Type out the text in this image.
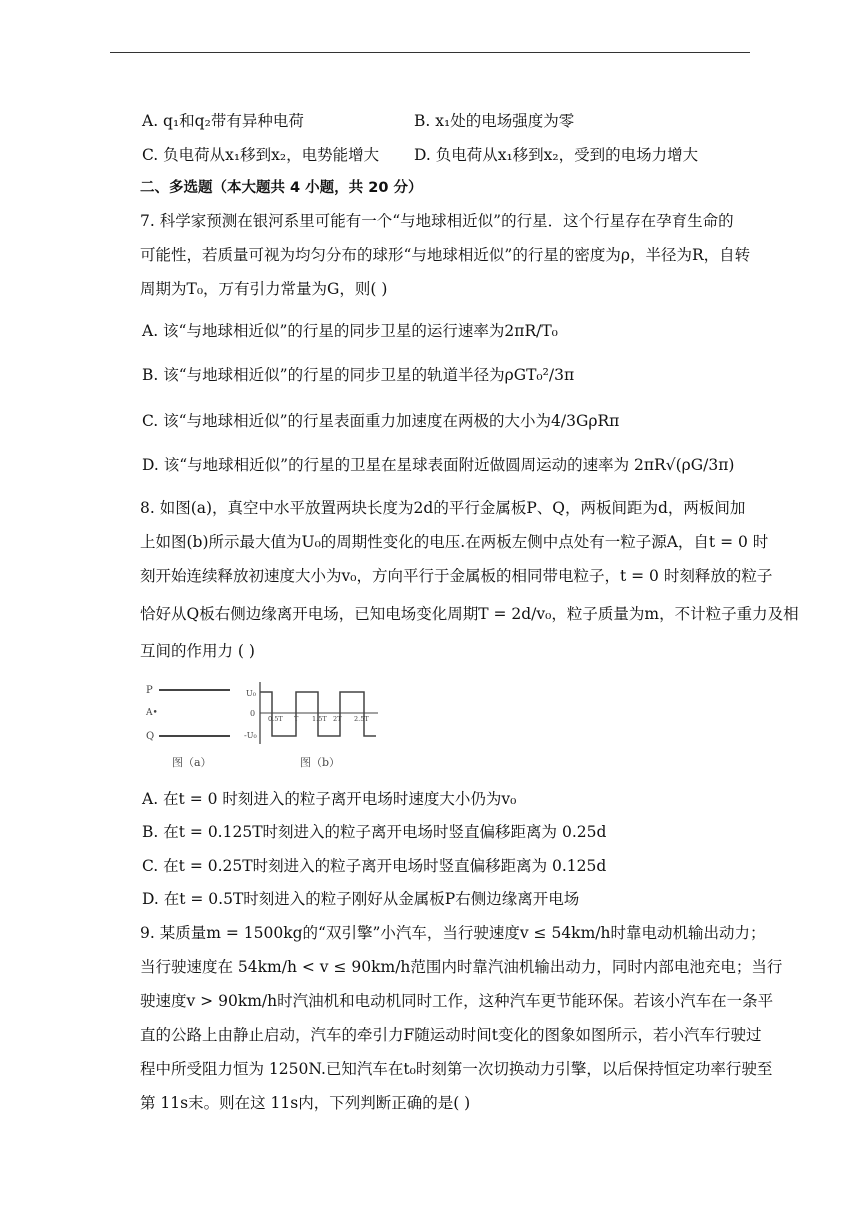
A. q₁和q₂带有异种电荷	B. x₁处的电场强度为零
C. 负电荷从x₁移到x₂，电势能增大 D. 负电荷从x₁移到x₂，受到的电场力增大
二、多选题（本大题共 4 小题，共 20 分）
7. 科学家预测在银河系里可能有一个“与地球相近似”的行星．这个行星存在孕育生命的
可能性，若质量可视为均匀分布的球形“与地球相近似”的行星的密度为ρ，半径为R，自转
周期为T₀，万有引力常量为G，则( )
A. 该“与地球相近似”的行星的同步卫星的运行速率为2πR/T₀
B. 该“与地球相近似”的行星的同步卫星的轨道半径为ρGT₀²/3π
C. 该“与地球相近似”的行星表面重力加速度在两极的大小为4/3GρRπ
D. 该“与地球相近似”的行星的卫星在星球表面附近做圆周运动的速率为 2πR√(ρG/3π)
8. 如图(a)，真空中水平放置两块长度为2d的平行金属板P、Q，两板间距为d，两板间加
上如图(b)所示最大值为U₀的周期性变化的电压.在两板左侧中点处有一粒子源A，自t = 0 时
刻开始连续释放初速度大小为v₀，方向平行于金属板的相同带电粒子，t = 0 时刻释放的粒子
恰好从Q板右侧边缘离开电场，已知电场变化周期T = 2d/v₀，粒子质量为m，不计粒子重力及相
互间的作用力 ( )
P
A•
Q
图（a）
U₀
0
-U₀
0.5T T 1.5T 2T 2.5T
图（b）
A. 在t = 0 时刻进入的粒子离开电场时速度大小仍为v₀
B. 在t = 0.125T时刻进入的粒子离开电场时竖直偏移距离为 0.25d
C. 在t = 0.25T时刻进入的粒子离开电场时竖直偏移距离为 0.125d
D. 在t = 0.5T时刻进入的粒子刚好从金属板P右侧边缘离开电场
9. 某质量m = 1500kg的“双引擎”小汽车，当行驶速度v ≤ 54km/h时靠电动机输出动力；
当行驶速度在 54km/h < v ≤ 90km/h范围内时靠汽油机输出动力，同时内部电池充电；当行
驶速度v > 90km/h时汽油机和电动机同时工作，这种汽车更节能环保。若该小汽车在一条平
直的公路上由静止启动，汽车的牵引力F随运动时间t变化的图象如图所示，若小汽车行驶过
程中所受阻力恒为 1250N.已知汽车在t₀时刻第一次切换动力引擎，以后保持恒定功率行驶至
第 11s末。则在这 11s内，下列判断正确的是( )
